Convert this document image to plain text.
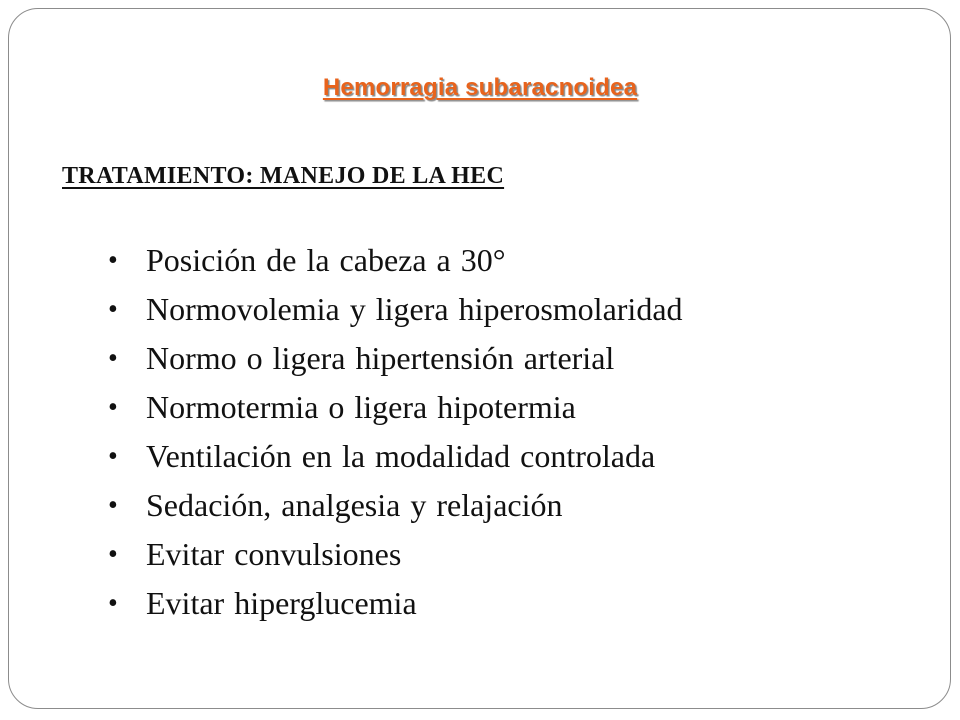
Hemorragia subaracnoidea
TRATAMIENTO: MANEJO DE LA HEC
• Posición de la cabeza a 30°
• Normovolemia y ligera hiperosmolaridad
• Normo o ligera hipertensión arterial
• Normotermia o ligera hipotermia
• Ventilación en la modalidad controlada
• Sedación, analgesia y relajación
• Evitar convulsiones
• Evitar hiperglucemia
